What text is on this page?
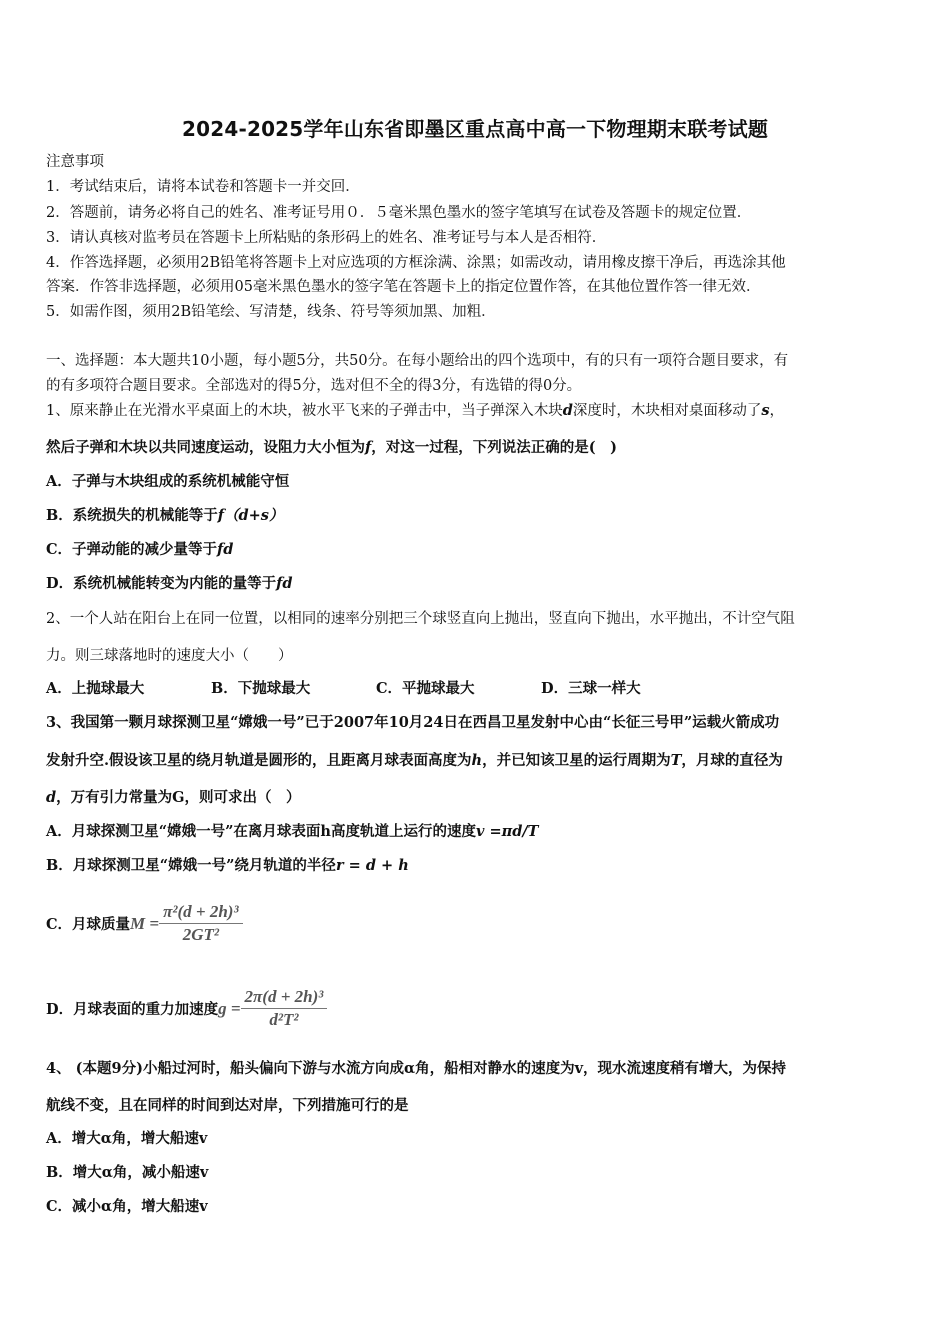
2024-2025学年山东省即墨区重点高中高一下物理期末联考试题
注意事项
1．考试结束后，请将本试卷和答题卡一并交回．
2．答题前，请务必将自己的姓名、准考证号用０．５毫米黑色墨水的签字笔填写在试卷及答题卡的规定位置．
3．请认真核对监考员在答题卡上所粘贴的条形码上的姓名、准考证号与本人是否相符．
4．作答选择题，必须用2B铅笔将答题卡上对应选项的方框涂满、涂黑；如需改动，请用橡皮擦干净后，再选涂其他
答案．作答非选择题，必须用05毫米黑色墨水的签字笔在答题卡上的指定位置作答，在其他位置作答一律无效．
5．如需作图，须用2B铅笔绘、写清楚，线条、符号等须加黑、加粗．
一、选择题：本大题共10小题，每小题5分，共50分。在每小题给出的四个选项中，有的只有一项符合题目要求，有
的有多项符合题目要求。全部选对的得5分，选对但不全的得3分，有选错的得0分。
1、原来静止在光滑水平桌面上的木块，被水平飞来的子弹击中，当子弹深入木块d深度时，木块相对桌面移动了s，
然后子弹和木块以共同速度运动，设阻力大小恒为f，对这一过程，下列说法正确的是(　)
A．子弹与木块组成的系统机械能守恒
B．系统损失的机械能等于f（d+s）
C．子弹动能的减少量等于fd
D．系统机械能转变为内能的量等于fd
2、一个人站在阳台上在同一位置，以相同的速率分别把三个球竖直向上抛出，竖直向下抛出，水平抛出，不计空气阻
力。则三球落地时的速度大小（　　）
A．上抛球最大	B．下抛球最大	C．平抛球最大	D．三球一样大
3、我国第一颗月球探测卫星“嫦娥一号”已于2007年10月24日在西昌卫星发射中心由“长征三号甲”运载火箭成功
发射升空.假设该卫星的绕月轨道是圆形的，且距离月球表面高度为h，并已知该卫星的运行周期为T，月球的直径为
d，万有引力常量为G，则可求出（　）
A．月球探测卫星“嫦娥一号”在离月球表面h高度轨道上运行的速度v =πd/T
B．月球探测卫星“嫦娥一号”绕月轨道的半径r = d + h
C．月球质量$M = \frac{\text{π²(d + 2h)³}}{\text{2GT²}}$
D．月球表面的重力加速度$g = \frac{\text{2π(d + 2h)³}}{\text{d²T²}}$
4、 (本题9分)小船过河时，船头偏向下游与水流方向成α角，船相对静水的速度为v，现水流速度稍有增大，为保持
航线不变，且在同样的时间到达对岸，下列措施可行的是
A．增大α角，增大船速v
B．增大α角，减小船速v
C．减小α角，增大船速v
